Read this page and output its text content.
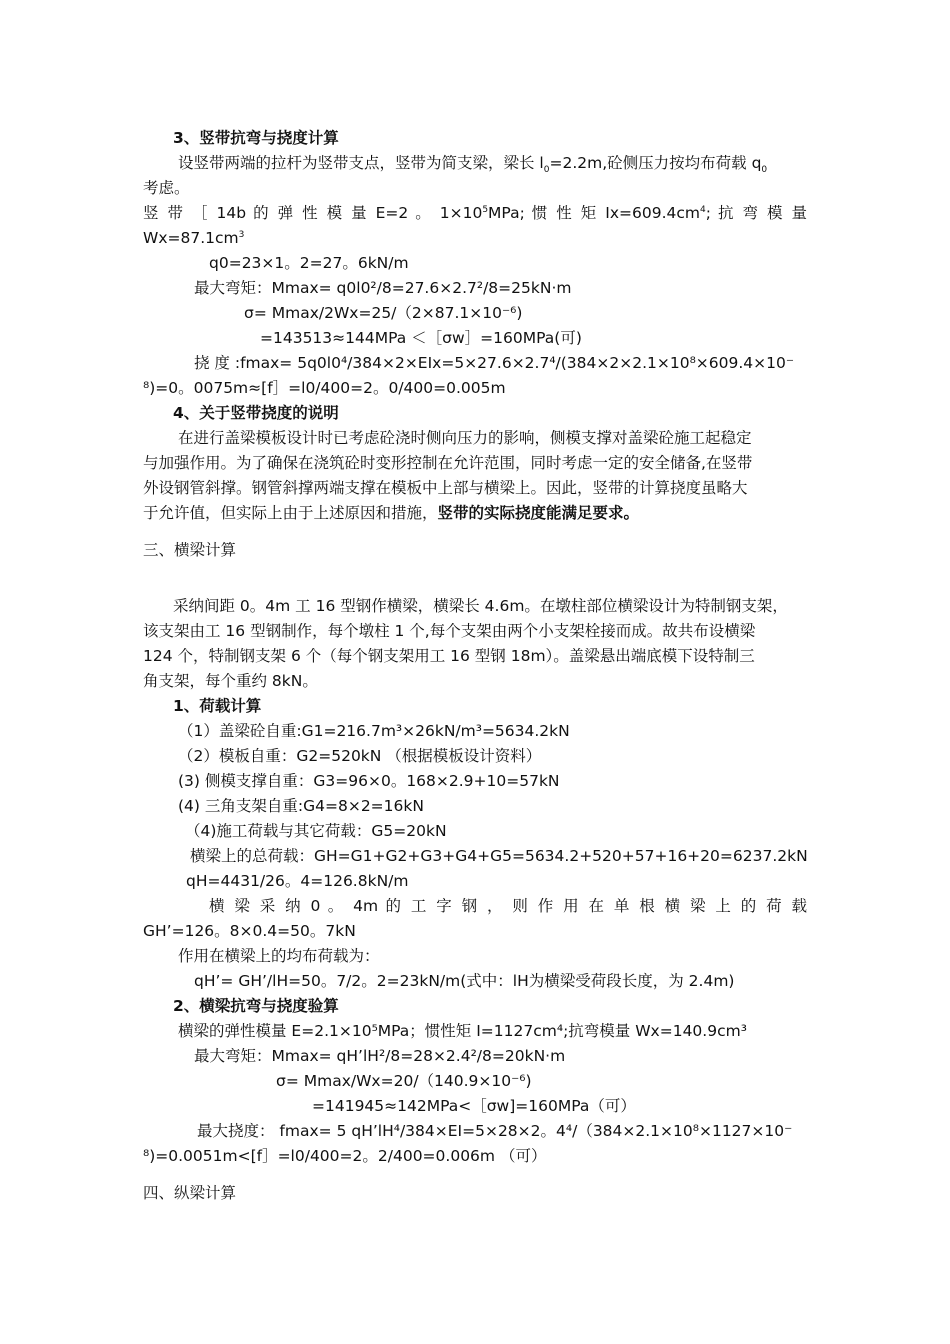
3、竖带抗弯与挠度计算
设竖带两端的拉杆为竖带支点，竖带为简支梁，梁长 $l_0=2.2m$,砼侧压力按均布荷载 $q_0$
考虑。
竖 带 ［ 14b 的 弹 性 模 量 E=2 。 $1\times 10^5MPa$; 惯 性 矩 $Ix=609.4cm^4$; 抗 弯 模 量
$Wx=87.1cm^3$
q0=23×1。2=27。6kN/m
最大弯矩：Mmax= q0l0²/8=27.6×2.7²/8=25kN·m
σ= Mmax/2Wx=25/（2×87.1×10⁻⁶)
=143513≈144MPa ＜［σw］=160MPa(可)
挠 度 :fmax= 5q0l0⁴/384×2×EIx=5×27.6×2.7⁴/(384×2×2.1×10⁸×609.4×10⁻
⁸)=0。0075m≈[f］=l0/400=2。0/400=0.005m
4、关于竖带挠度的说明
在进行盖梁模板设计时已考虑砼浇时侧向压力的影响，侧模支撑对盖梁砼施工起稳定
与加强作用。为了确保在浇筑砼时变形控制在允许范围，同时考虑一定的安全储备,在竖带
外设钢管斜撑。钢管斜撑两端支撑在模板中上部与横梁上。因此，竖带的计算挠度虽略大
于允许值，但实际上由于上述原因和措施，竖带的实际挠度能满足要求。
三、横梁计算
采纳间距 0。4m 工 16 型钢作横梁，横梁长 4.6m。在墩柱部位横梁设计为特制钢支架，
该支架由工 16 型钢制作，每个墩柱 1 个,每个支架由两个小支架栓接而成。故共布设横梁
124 个，特制钢支架 6 个（每个钢支架用工 16 型钢 18m）。盖梁悬出端底模下设特制三
角支架，每个重约 8kN。
1、荷载计算
（1）盖梁砼自重:G1=216.7m³×26kN/m³=5634.2kN
（2）模板自重：G2=520kN （根据模板设计资料）
(3) 侧模支撑自重：G3=96×0。168×2.9+10=57kN
(4) 三角支架自重:G4=8×2=16kN
（4)施工荷载与其它荷载：G5=20kN
横梁上的总荷载：GH=G1+G2+G3+G4+G5=5634.2+520+57+16+20=6237.2kN
qH=4431/26。4=126.8kN/m
横 梁 采 纳 0 。 4m 的 工 字 钢 ， 则 作 用 在 单 根 横 梁 上 的 荷 载
GH’=126。8×0.4=50。7kN
作用在横梁上的均布荷载为：
qH’= GH’/lH=50。7/2。2=23kN/m(式中：lH为横梁受荷段长度，为 2.4m)
2、横梁抗弯与挠度验算
横梁的弹性模量 E=2.1×10⁵MPa；惯性矩 I=1127cm⁴;抗弯模量 Wx=140.9cm³
最大弯矩：Mmax= qH’lH²/8=28×2.4²/8=20kN·m
σ= Mmax/Wx=20/（140.9×10⁻⁶)
=141945≈142MPa<［σw]=160MPa（可）
最大挠度： fmax= 5 qH’lH⁴/384×EI=5×28×2。4⁴/（384×2.1×10⁸×1127×10⁻
⁸)=0.0051m<[f］=l0/400=2。2/400=0.006m （可）
四、纵梁计算
